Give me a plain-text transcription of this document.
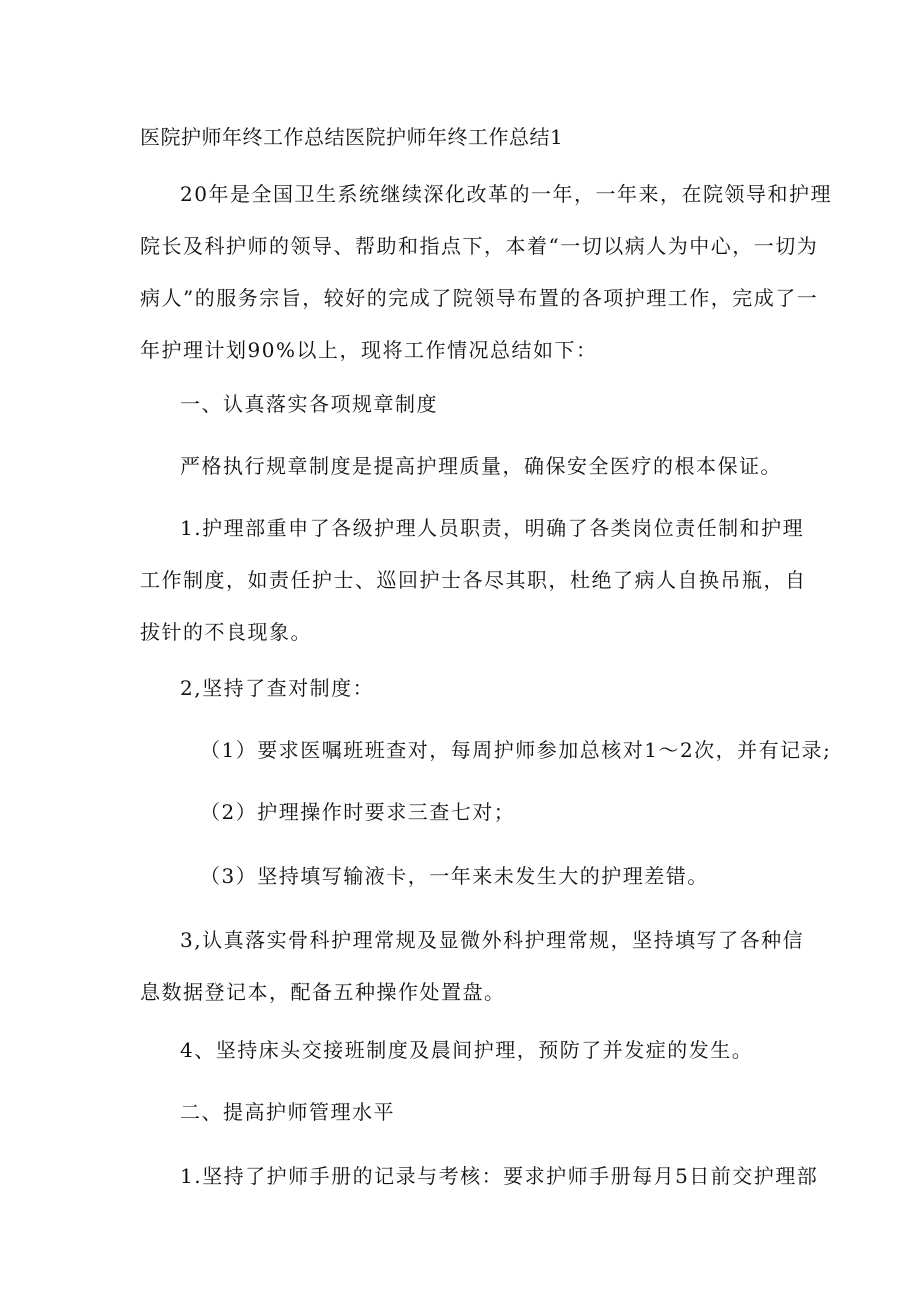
医院护师年终工作总结医院护师年终工作总结1
20年是全国卫生系统继续深化改革的一年，一年来，在院领导和护理
院长及科护师的领导、帮助和指点下，本着“一切以病人为中心，一切为
病人”的服务宗旨，较好的完成了院领导布置的各项护理工作，完成了一
年护理计划90%以上，现将工作情况总结如下：
一、认真落实各项规章制度
严格执行规章制度是提高护理质量，确保安全医疗的根本保证。
1.护理部重申了各级护理人员职责，明确了各类岗位责任制和护理
工作制度，如责任护士、巡回护士各尽其职，杜绝了病人自换吊瓶，自
拔针的不良现象。
2,坚持了查对制度：
（1）要求医嘱班班查对，每周护师参加总核对1～2次，并有记录;
（2）护理操作时要求三查七对；
（3）坚持填写输液卡，一年来未发生大的护理差错。
3,认真落实骨科护理常规及显微外科护理常规，坚持填写了各种信
息数据登记本，配备五种操作处置盘。
4、坚持床头交接班制度及晨间护理，预防了并发症的发生。
二、提高护师管理水平
1.坚持了护师手册的记录与考核：要求护师手册每月5日前交护理部
